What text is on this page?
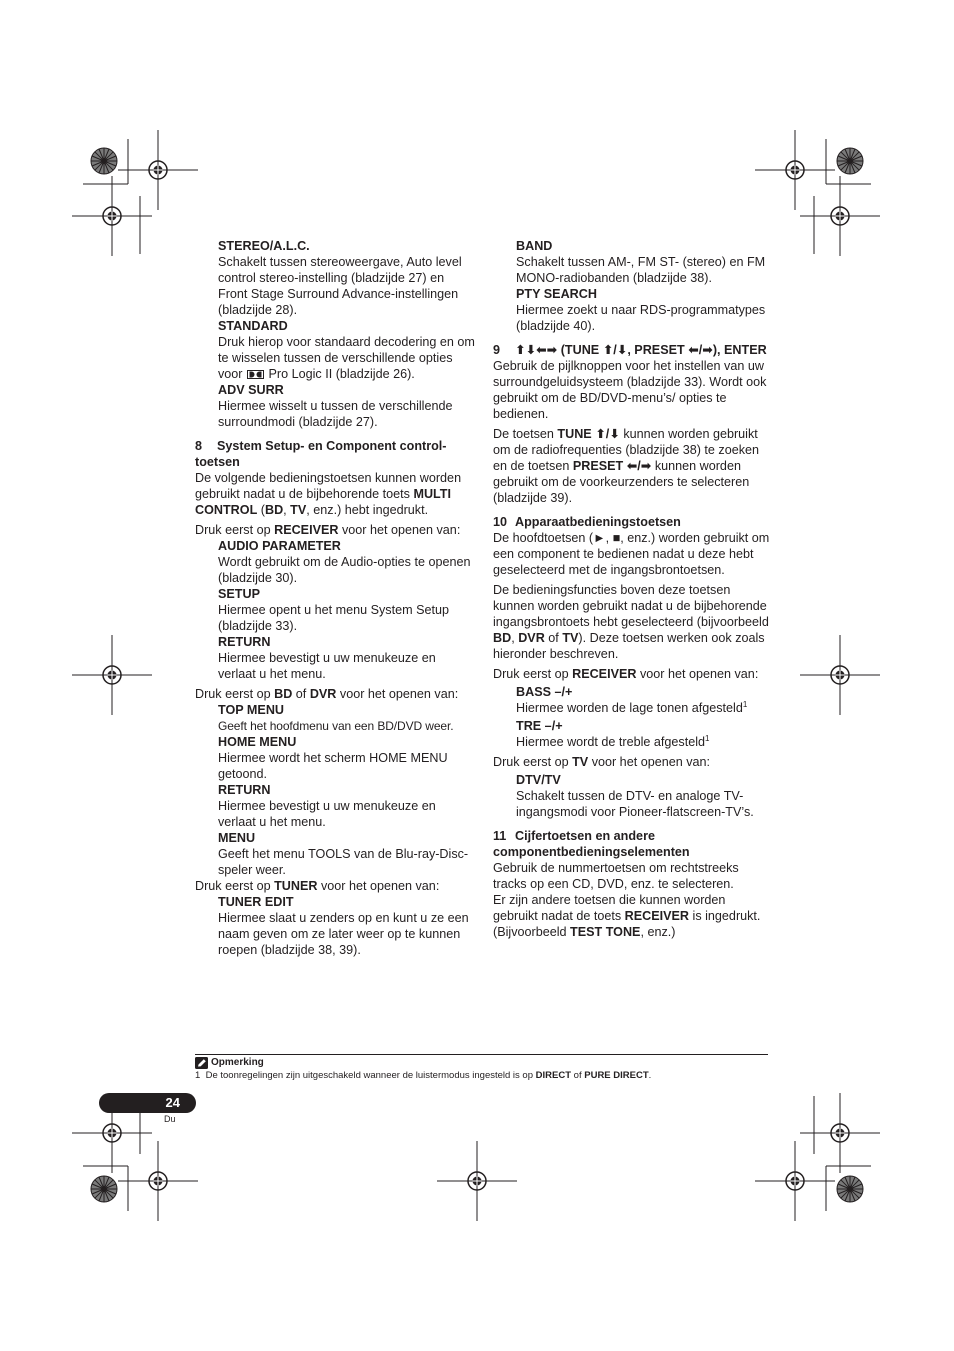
STEREO/A.L.C.
Schakelt tussen stereoweergave, Auto level control stereo-instelling (bladzijde 27) en Front Stage Surround Advance-instellingen (bladzijde 28).
STANDARD
Druk hierop voor standaard decodering en om te wisselen tussen de verschillende opties voor Pro Logic II (bladzijde 26).
ADV SURR
Hiermee wisselt u tussen de verschillende surroundmodi (bladzijde 27).
8 System Setup- en Component control-toetsen
De volgende bedieningstoetsen kunnen worden gebruikt nadat u de bijbehorende toets MULTI CONTROL (BD, TV, enz.) hebt ingedrukt.
Druk eerst op RECEIVER voor het openen van:
AUDIO PARAMETER
Wordt gebruikt om de Audio-opties te openen (bladzijde 30).
SETUP
Hiermee opent u het menu System Setup (bladzijde 33).
RETURN
Hiermee bevestigt u uw menukeuze en verlaat u het menu.
Druk eerst op BD of DVR voor het openen van:
TOP MENU
Geeft het hoofdmenu van een BD/DVD weer.
HOME MENU
Hiermee wordt het scherm HOME MENU getoond.
RETURN
Hiermee bevestigt u uw menukeuze en verlaat u het menu.
MENU
Geeft het menu TOOLS van de Blu-ray-Disc-speler weer.
Druk eerst op TUNER voor het openen van:
TUNER EDIT
Hiermee slaat u zenders op en kunt u ze een naam geven om ze later weer op te kunnen roepen (bladzijde 38, 39).
BAND
Schakelt tussen AM-, FM ST- (stereo) en FM MONO-radiobanden (bladzijde 38).
PTY SEARCH
Hiermee zoekt u naar RDS-programmatypes (bladzijde 40).
9 ⬆⬇⬅➡ (TUNE ⬆/⬇, PRESET ⬅/➡), ENTER
Gebruik de pijlknoppen voor het instellen van uw surroundgeluidsysteem (bladzijde 33). Wordt ook gebruikt om de BD/DVD-menu’s/ opties te bedienen.
De toetsen TUNE ⬆/⬇ kunnen worden gebruikt om de radiofrequenties (bladzijde 38) te zoeken en de toetsen PRESET ⬅/➡ kunnen worden gebruikt om de voorkeurzenders te selecteren (bladzijde 39).
10 Apparaatbedieningstoetsen
De hoofdtoetsen (►, ■, enz.) worden gebruikt om een component te bedienen nadat u deze hebt geselecteerd met de ingangsbrontoetsen.
De bedieningsfuncties boven deze toetsen kunnen worden gebruikt nadat u de bijbehorende ingangsbrontoets hebt geselecteerd (bijvoorbeeld BD, DVR of TV). Deze toetsen werken ook zoals hieronder beschreven.
Druk eerst op RECEIVER voor het openen van:
BASS –/+
Hiermee worden de lage tonen afgesteld$^1$
TRE –/+
Hiermee wordt de treble afgesteld$^1$
Druk eerst op TV voor het openen van:
DTV/TV
Schakelt tussen de DTV- en analoge TV-ingangsmodi voor Pioneer-flatscreen-TV’s.
11 Cijfertoetsen en andere componentbedieningselementen
Gebruik de nummertoetsen om rechtstreeks tracks op een CD, DVD, enz. te selecteren.
Er zijn andere toetsen die kunnen worden gebruikt nadat de toets RECEIVER is ingedrukt. (Bijvoorbeeld TEST TONE, enz.)
Opmerking
1 De toonregelingen zijn uitgeschakeld wanneer de luistermodus ingesteld is op DIRECT of PURE DIRECT.
24
Du
